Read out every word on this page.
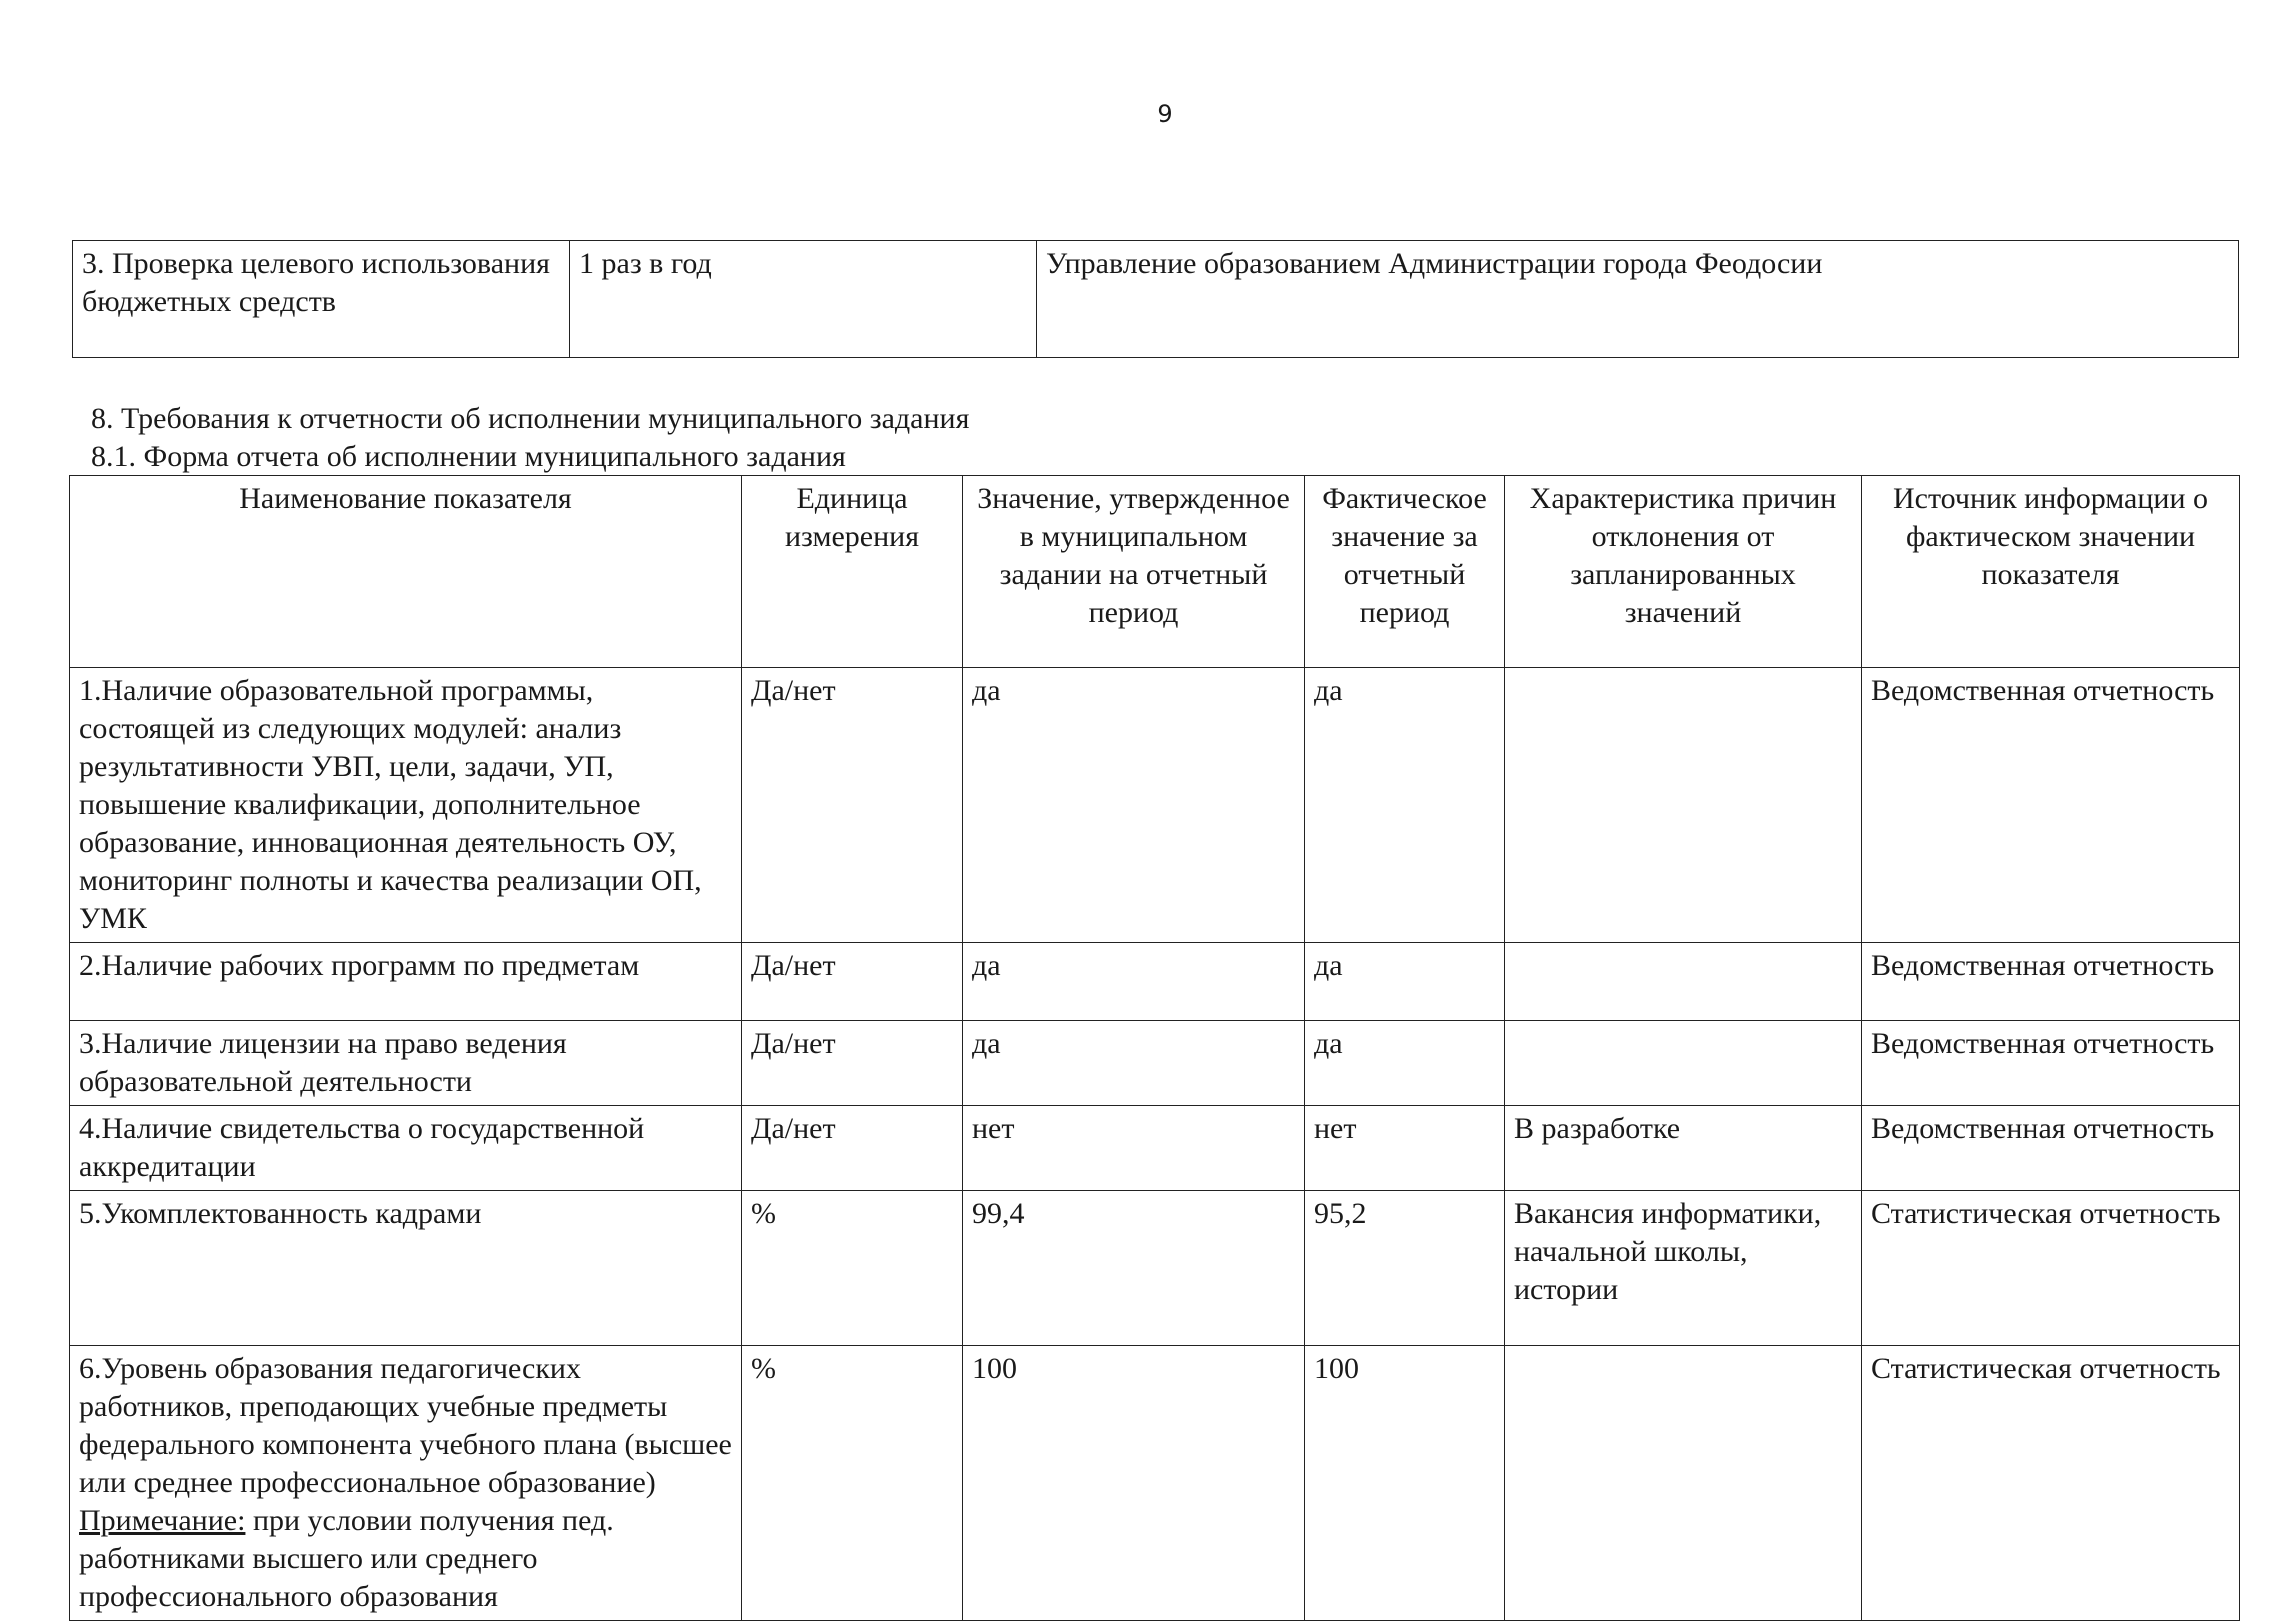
9
3. Проверка целевого использования бюджетных средств	1 раз в год	Управление образованием Администрации города Феодосии
8. Требования к отчетности об исполнении муниципального задания
8.1. Форма отчета об исполнении муниципального задания
Наименование показателя	Единица измерения	Значение, утвержденное в муниципальном задании на отчетный период	Фактическое значение за отчетный период	Характеристика причин отклонения от запланированных значений	Источник информации о фактическом значении показателя
1.Наличие образовательной программы, состоящей из следующих модулей: анализ результативности УВП, цели, задачи, УП, повышение квалификации, дополнительное образование, инновационная деятельность ОУ, мониторинг полноты и качества реализации ОП, УМК	Да/нет	да	да		Ведомственная отчетность
2.Наличие рабочих программ по предметам	Да/нет	да	да		Ведомственная отчетность
3.Наличие лицензии на право ведения образовательной деятельности	Да/нет	да	да		Ведомственная отчетность
4.Наличие свидетельства о государственной аккредитации	Да/нет	нет	нет	В разработке	Ведомственная отчетность
5.Укомплектованность кадрами	%	99,4	95,2	Вакансия информатики, начальной школы, истории	Статистическая отчетность
6.Уровень образования педагогических работников, преподающих учебные предметы федерального компонента учебного плана (высшее или среднее профессиональное образование) Примечание: при условии получения пед. работниками высшего или среднего профессионального образования	%	100	100		Статистическая отчетность
